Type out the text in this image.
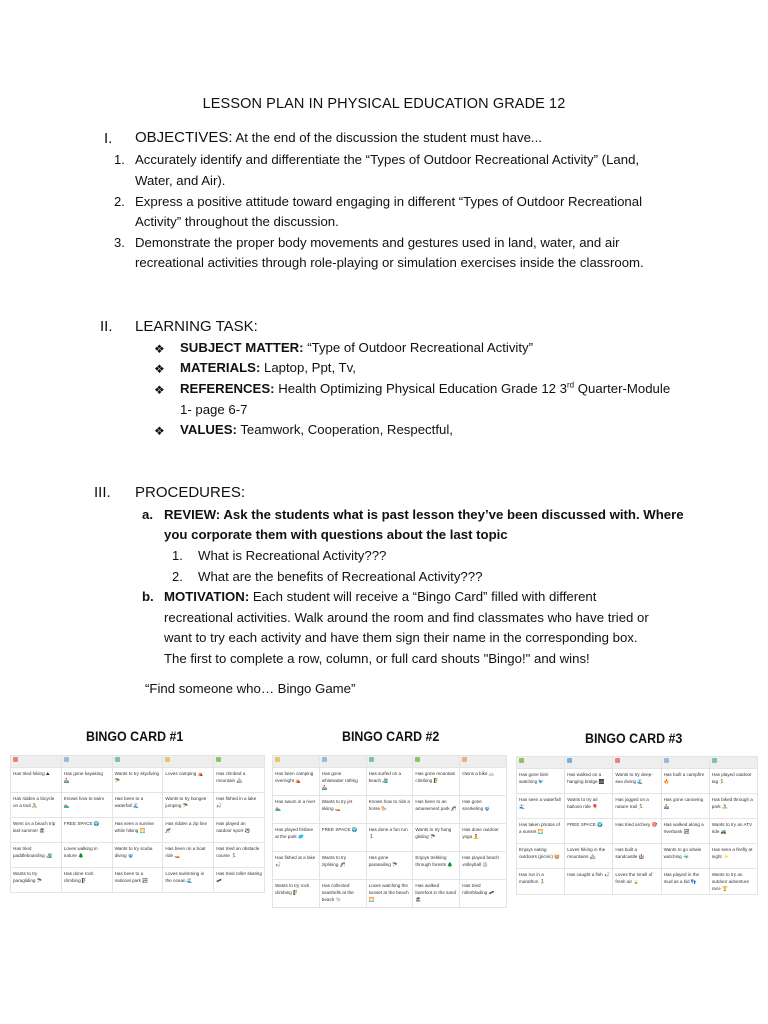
LESSON PLAN IN PHYSICAL EDUCATION GRADE 12
I. OBJECTIVES: At the end of the discussion the student must have...
1. Accurately identify and differentiate the “Types of Outdoor Recreational Activity” (Land,
Water, and Air).
2. Express a positive attitude toward engaging in different “Types of Outdoor Recreational
Activity” throughout the discussion.
3. Demonstrate the proper body movements and gestures used in land, water, and air
recreational activities through role-playing or simulation exercises inside the classroom.
II. LEARNING TASK:
❖ SUBJECT MATTER: “Type of Outdoor Recreational Activity”
❖ MATERIALS: Laptop, Ppt, Tv,
❖ REFERENCES: Health Optimizing Physical Education Grade 12 3rd Quarter-Module
1- page 6-7
❖ VALUES: Teamwork, Cooperation, Respectful,
III. PROCEDURES:
a. REVIEW: Ask the students what is past lesson they’ve been discussed with. Where
you corporate them with questions about the last topic
1. What is Recreational Activity???
2. What are the benefits of Recreational Activity???
b. MOTIVATION: Each student will receive a “Bingo Card” filled with different
recreational activities. Walk around the room and find classmates who have tried or
want to try each activity and have them sign their name in the corresponding box.
The first to complete a row, column, or full card shouts "Bingo!" and wins!
“Find someone who… Bingo Game”
BINGO CARD #1	BINGO CARD #2	BINGO CARD #3

Has tried hiking ⛰	Has gone kayaking 🚣	Wants to try skydiving 🪂	Loves camping ⛺	Has climbed a mountain 🏔
Has ridden a bicycle on a trail 🚴	Knows how to swim 🏊	Has been to a waterfall 🌊	Wants to try bungee jumping 🪂	Has fished in a lake 🎣
Went on a beach trip last summer 🏖	FREE SPACE 🌍	Has seen a sunrise while hiking 🌅	Has ridden a zip line 🎢	Has played an outdoor sport ⚽
Has tried paddleboarding 🏄	Loves walking in nature 🌲	Wants to try scuba diving 🤿	Has been on a boat ride 🚤	Has tried an obstacle course 🏃
Wants to try paragliding 🪂	Has done rock climbing 🧗	Has been to a national park 🏞	Loves swimming in the ocean 🌊	Has tried roller skating 🛹

Has been camping overnight ⛺	Has gone whitewater rafting 🚣	Has surfed on a beach 🏄	Has gone mountain climbing 🧗	Owns a bike 🚲
Has swum in a river 🏊	Wants to try jet skiing 🚤	Knows how to ride a horse 🐎	Has been to an amusement park 🎢	Has gone snorkeling 🤿
Has played frisbee at the park 🥏	FREE SPACE 🌍	Has done a fun run 🏃	Wants to try hang gliding 🪂	Has done outdoor yoga 🧘
Has fished at a lake 🎣	Wants to try ziplining 🎢	Has gone parasailing 🪂	Enjoys trekking through forests 🌲	Has played beach volleyball 🏐
Wants to try rock climbing 🧗	Has collected seashells at the beach 🐚	Loves watching the sunset at the beach 🌅	Has walked barefoot in the sand 🏖	Has tried rollerblading 🛹

Has gone bird-watching 🐦	Has walked on a hanging bridge 🌉	Wants to try deep-sea diving 🌊	Has built a campfire 🔥	Has played outdoor tag 🏃
Has seen a waterfall 🌊	Wants to try air balloon ride 🎈	Has jogged on a nature trail 🏃	Has gone canoeing 🚣	Has biked through a park 🚴
Has taken photos of a sunset 🌅	FREE SPACE 🌍	Has tried archery 🎯	Has walked along a riverbank 🏞	Wants to try an ATV ride 🚜
Enjoys eating outdoors (picnic) 🧺	Loves hiking in the mountains 🏔	Has built a sandcastle 🏰	Wants to go whale watching 🐳	Has seen a firefly at night ✨
Has run in a marathon 🏃	Has caught a fish 🎣	Loves the smell of fresh air 🍃	Has played in the mud as a kid 👣	Wants to try an outdoor adventure race 🏆
